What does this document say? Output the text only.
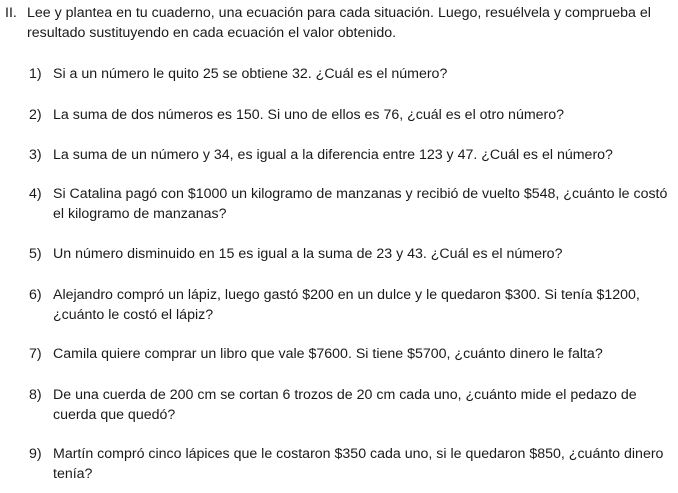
II. Lee y plantea en tu cuaderno, una ecuación para cada situación. Luego, resuélvela y comprueba el resultado sustituyendo en cada ecuación el valor obtenido.
1) Si a un número le quito 25 se obtiene 32. ¿Cuál es el número?
2) La suma de dos números es 150. Si uno de ellos es 76, ¿cuál es el otro número?
3) La suma de un número y 34, es igual a la diferencia entre 123 y 47. ¿Cuál es el número?
4) Si Catalina pagó con $1000 un kilogramo de manzanas y recibió de vuelto $548, ¿cuánto le costó el kilogramo de manzanas?
5) Un número disminuido en 15 es igual a la suma de 23 y 43. ¿Cuál es el número?
6) Alejandro compró un lápiz, luego gastó $200 en un dulce y le quedaron $300. Si tenía $1200, ¿cuánto le costó el lápiz?
7) Camila quiere comprar un libro que vale $7600. Si tiene $5700, ¿cuánto dinero le falta?
8) De una cuerda de 200 cm se cortan 6 trozos de 20 cm cada uno, ¿cuánto mide el pedazo de cuerda que quedó?
9) Martín compró cinco lápices que le costaron $350 cada uno, si le quedaron $850, ¿cuánto dinero tenía?
